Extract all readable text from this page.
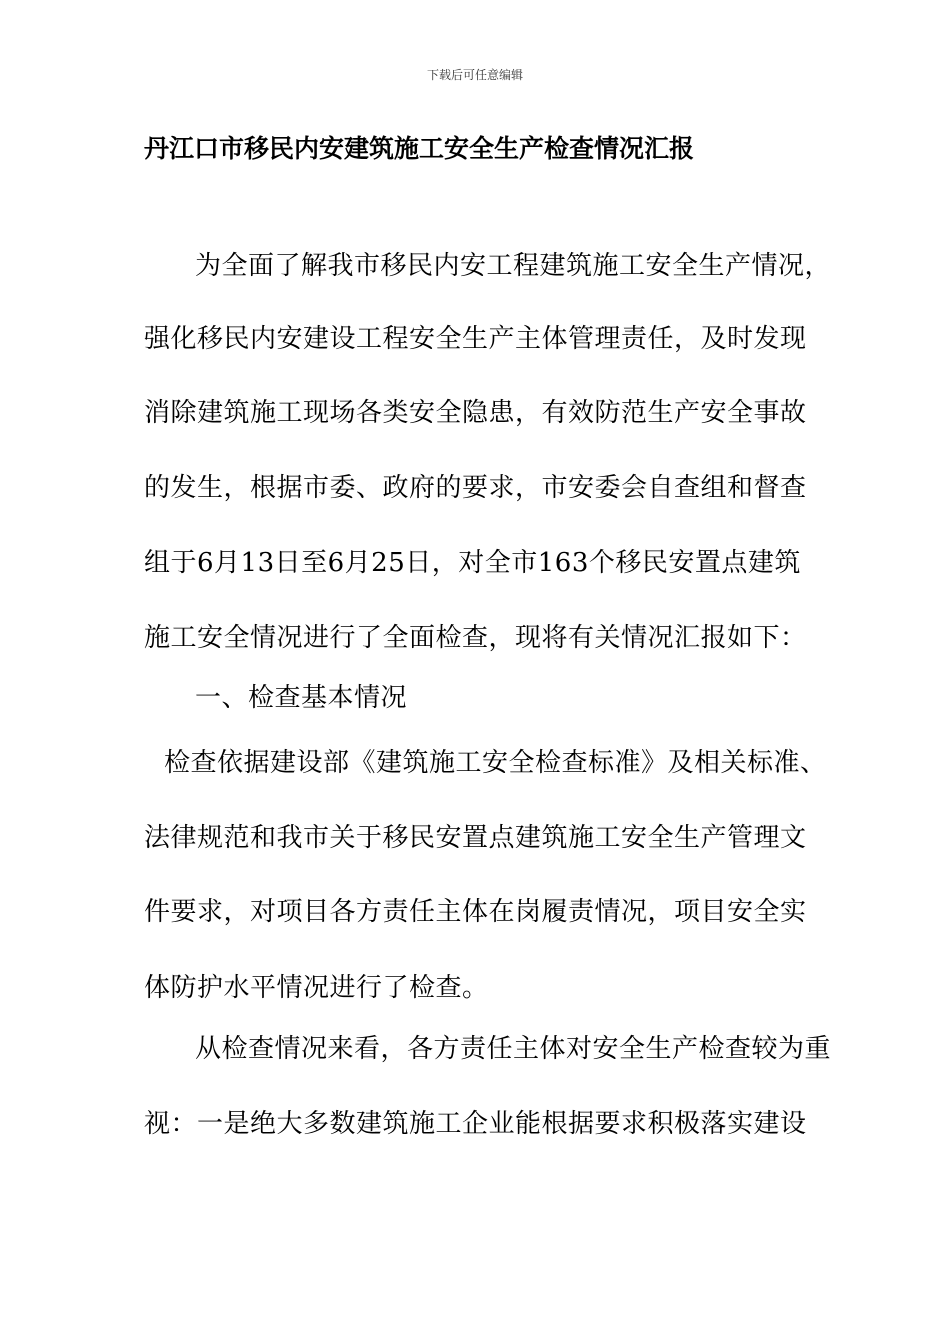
下载后可任意编辑
丹江口市移民内安建筑施工安全生产检查情况汇报
为全面了解我市移民内安工程建筑施工安全生产情况，
强化移民内安建设工程安全生产主体管理责任，及时发现
消除建筑施工现场各类安全隐患，有效防范生产安全事故
的发生，根据市委、政府的要求，市安委会自查组和督查
组于6月13日至6月25日，对全市163个移民安置点建筑
施工安全情况进行了全面检查，现将有关情况汇报如下：
一、检查基本情况
检查依据建设部《建筑施工安全检查标准》及相关标准、
法律规范和我市关于移民安置点建筑施工安全生产管理文
件要求，对项目各方责任主体在岗履责情况，项目安全实
体防护水平情况进行了检查。
从检查情况来看，各方责任主体对安全生产检查较为重
视：一是绝大多数建筑施工企业能根据要求积极落实建设
